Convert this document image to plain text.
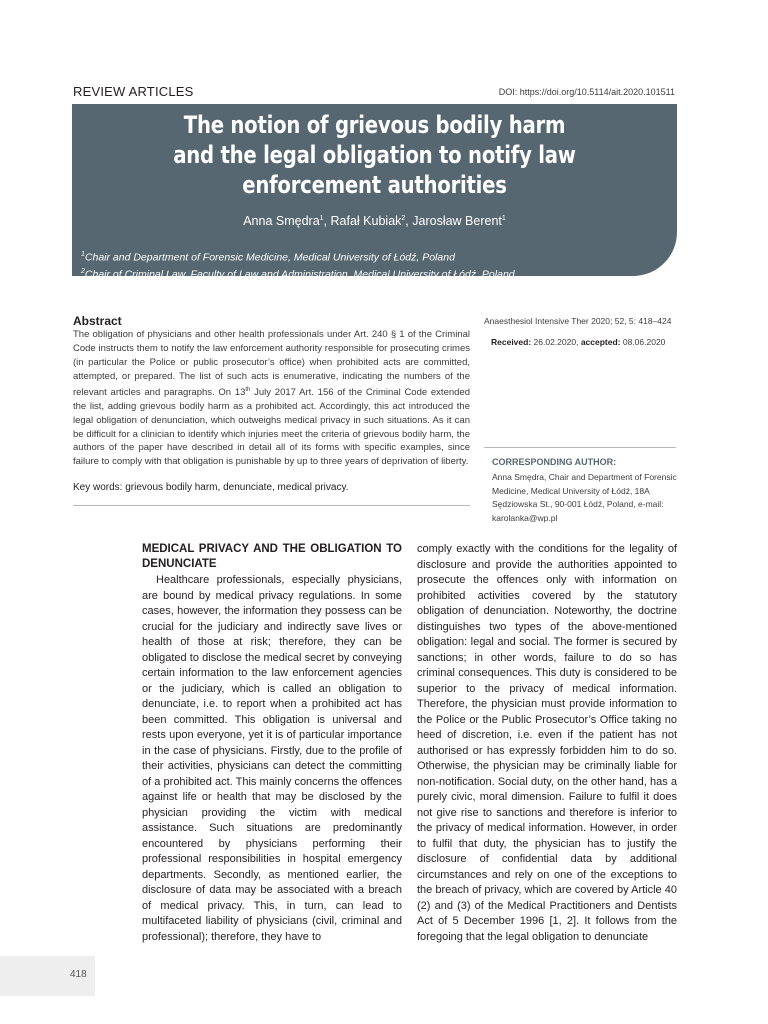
REVIEW ARTICLES	DOI: https://doi.org/10.5114/ait.2020.101511
The notion of grievous bodily harm
and the legal obligation to notify law
enforcement authorities
Anna Smędra$^1$, Rafał Kubiak$^2$, Jarosław Berent$^1$
$^1$Chair and Department of Forensic Medicine, Medical University of Łódź, Poland
$^2$Chair of Criminal Law, Faculty of Law and Administration, Medical University of Łódź, Poland
Abstract
The obligation of physicians and other health professionals under Art. 240 § 1 of the Criminal Code instructs them to notify the law enforcement authority responsible for prosecuting crimes (in particular the Police or public prosecutor’s office) when prohibited acts are committed, attempted, or prepared. The list of such acts is enumerative, indicating the numbers of the relevant articles and paragraphs. On 13th July 2017 Art. 156 of the Criminal Code extended the list, adding grievous bodily harm as a prohibited act. Accordingly, this act introduced the legal obligation of denunciation, which outweighs medical privacy in such situations. As it can be difficult for a clinician to identify which injuries meet the criteria of grievous bodily harm, the authors of the paper have described in detail all of its forms with specific examples, since failure to comply with that obligation is punishable by up to three years of deprivation of liberty.
Key words: grievous bodily harm, denunciate, medical privacy.
Anaesthesiol Intensive Ther 2020; 52, 5: 418–424
Received: 26.02.2020, accepted: 08.06.2020
CORRESPONDING AUTHOR:
Anna Smędra, Chair and Department of Forensic Medicine, Medical University of Łódź, 18A Sędziowska St., 90-001 Łódź, Poland, e-mail: karolanka@wp.pl
MEDICAL PRIVACY AND THE OBLIGATION TO DENUNCIATE

Healthcare professionals, especially physicians, are bound by medical privacy regulations. In some cases, however, the information they possess can be crucial for the judiciary and indirectly save lives or health of those at risk; therefore, they can be obligated to disclose the medical secret by conveying certain information to the law enforcement agencies or the judiciary, which is called an obligation to denunciate, i.e. to report when a prohibited act has been committed. This obligation is universal and rests upon everyone, yet it is of particular importance in the case of physicians. Firstly, due to the profile of their activities, physicians can detect the committing of a prohibited act. This mainly concerns the offences against life or health that may be disclosed by the physician providing the victim with medical assistance. Such situations are predominantly encountered by physicians performing their professional responsibilities in hospital emergency departments. Secondly, as mentioned earlier, the disclosure of data may be associated with a breach of medical privacy. This, in turn, can lead to multifaceted liability of physicians (civil, criminal and professional); therefore, they have to

comply exactly with the conditions for the legality of disclosure and provide the authorities appointed to prosecute the offences only with information on prohibited activities covered by the statutory obligation of denunciation. Noteworthy, the doctrine distinguishes two types of the above-mentioned obligation: legal and social. The former is secured by sanctions; in other words, failure to do so has criminal consequences. This duty is considered to be superior to the privacy of medical information. Therefore, the physician must provide information to the Police or the Public Prosecutor’s Office taking no heed of discretion, i.e. even if the patient has not authorised or has expressly forbidden him to do so. Otherwise, the physician may be criminally liable for non-notification. Social duty, on the other hand, has a purely civic, moral dimension. Failure to fulfil it does not give rise to sanctions and therefore is inferior to the privacy of medical information. However, in order to fulfil that duty, the physician has to justify the disclosure of confidential data by additional circumstances and rely on one of the exceptions to the breach of privacy, which are covered by Article 40 (2) and (3) of the Medical Practitioners and Dentists Act of 5 December 1996 [1, 2]. It follows from the foregoing that the legal obligation to denunciate

418
